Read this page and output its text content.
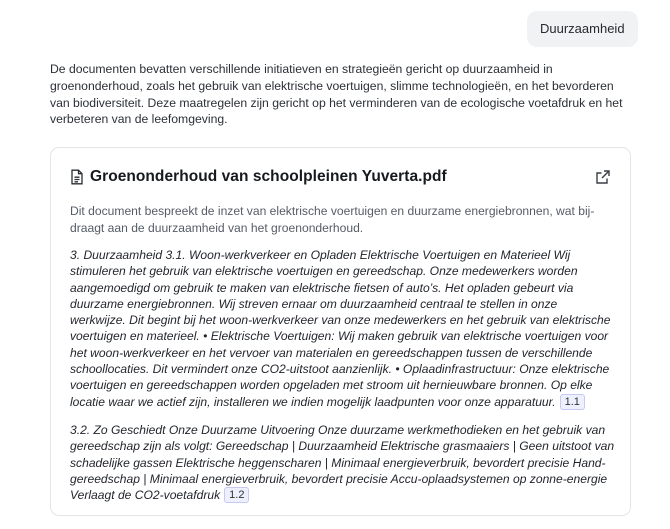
Duurzaamheid

De documenten bevatten verschillende initiatieven en strategieën gericht op duurzaamheid in groenonderhoud, zoals het gebruik van elektrische voertuigen, slimme technologieën, en het bevorderen van biodiversiteit. Deze maatregelen zijn gericht op het verminderen van de ecologische voetafdruk en het verbeteren van de leefomgeving.

Groenonderhoud van schoolpleinen Yuverta.pdf

Dit document bespreekt de inzet van elektrische voertuigen en duurzame energiebronnen, wat bijdraagt aan de duurzaamheid van het groenonderhoud.

3. Duurzaamheid 3.1. Woon-werkverkeer en Opladen Elektrische Voertuigen en Materieel Wij stimuleren het gebruik van elektrische voertuigen en gereedschap. Onze medewerkers worden aangemoedigd om gebruik te maken van elektrische fietsen of auto’s. Het opladen gebeurt via duurzame energiebronnen. Wij streven ernaar om duurzaamheid centraal te stellen in onze werkwijze. Dit begint bij het woon-werkverkeer van onze medewerkers en het gebruik van elektrische voertuigen en materieel. • Elektrische Voertuigen: Wij maken gebruik van elektrische voertuigen voor het woon-werkverkeer en het vervoer van materialen en gereedschappen tussen de verschillende schoollocaties. Dit vermindert onze CO2-uitstoot aanzienlijk. • Oplaadinfrastructuur: Onze elektrische voertuigen en gereedschappen worden opgeladen met stroom uit hernieuwbare bronnen. Op elke locatie waar we actief zijn, installeren we indien mogelijk laadpunten voor onze apparatuur. 1.1

3.2. Zo Geschiedt Onze Duurzame Uitvoering Onze duurzame werkmethodieken en het gebruik van gereedschap zijn als volgt: Gereedschap | Duurzaamheid Elektrische grasmaaiers | Geen uitstoot van schadelijke gassen Elektrische heggenscharen | Minimaal energieverbruik, bevordert precisie Handgereedschap | Minimaal energieverbruik, bevordert precisie Accu-oplaadsystemen op zonne-energie Verlaagt de CO2-voetafdruk 1.2
